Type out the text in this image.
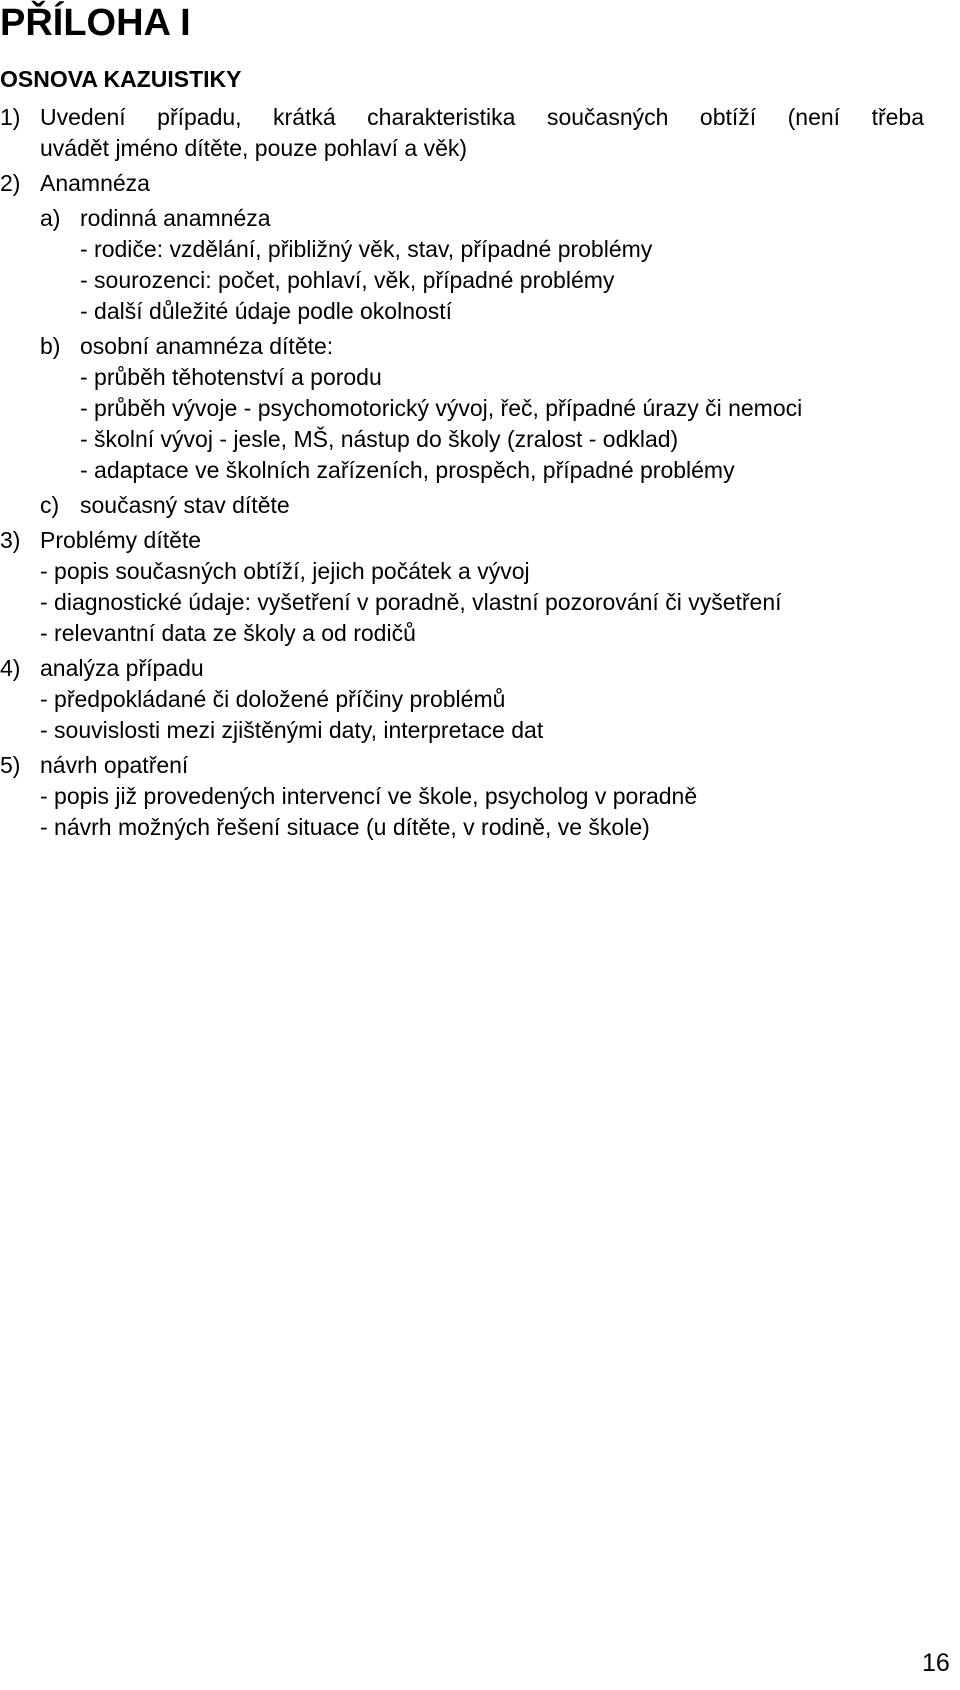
PŘÍLOHA I
OSNOVA KAZUISTIKY
1) Uvedení případu, krátká charakteristika současných obtíží (není třeba
uvádět jméno dítěte, pouze pohlaví a věk)
2) Anamnéza
a) rodinná anamnéza
- rodiče: vzdělání, přibližný věk, stav, případné problémy
- sourozenci: počet, pohlaví, věk, případné problémy
- další důležité údaje podle okolností
b) osobní anamnéza dítěte:
- průběh těhotenství a porodu
- průběh vývoje - psychomotorický vývoj, řeč, případné úrazy či nemoci
- školní vývoj - jesle, MŠ, nástup do školy (zralost - odklad)
- adaptace ve školních zařízeních, prospěch, případné problémy
c) současný stav dítěte
3) Problémy dítěte
- popis současných obtíží, jejich počátek a vývoj
- diagnostické údaje: vyšetření v poradně, vlastní pozorování či vyšetření
- relevantní data ze školy a od rodičů
4) analýza případu
- předpokládané či doložené příčiny problémů
- souvislosti mezi zjištěnými daty, interpretace dat
5) návrh opatření
- popis již provedených intervencí ve škole, psycholog v poradně
- návrh možných řešení situace (u dítěte, v rodině, ve škole)
16
